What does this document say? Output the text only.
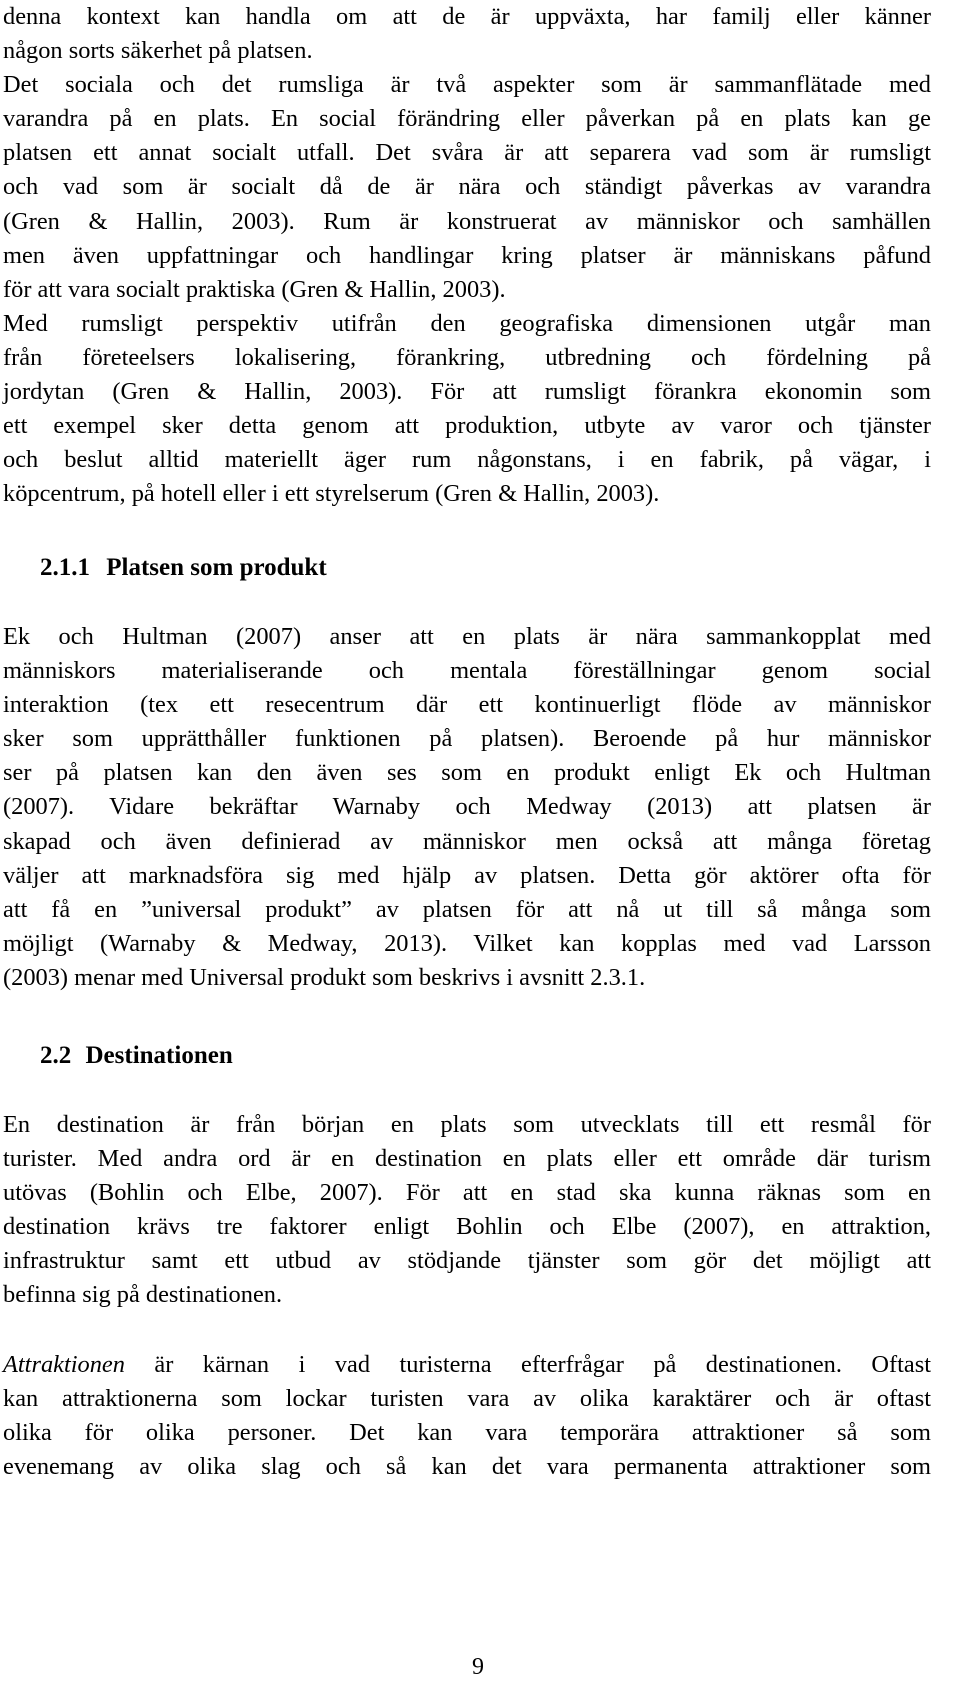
denna kontext kan handla om att de är uppväxta, har familj eller känner
någon sorts säkerhet på platsen.
Det sociala och det rumsliga är två aspekter som är sammanflätade med
varandra på en plats. En social förändring eller påverkan på en plats kan ge
platsen ett annat socialt utfall. Det svåra är att separera vad som är rumsligt
och vad som är socialt då de är nära och ständigt påverkas av varandra
(Gren & Hallin, 2003). Rum är konstruerat av människor och samhällen
men även uppfattningar och handlingar kring platser är människans påfund
för att vara socialt praktiska (Gren & Hallin, 2003).
Med rumsligt perspektiv utifrån den geografiska dimensionen utgår man
från företeelsers lokalisering, förankring, utbredning och fördelning på
jordytan (Gren & Hallin, 2003). För att rumsligt förankra ekonomin som
ett exempel sker detta genom att produktion, utbyte av varor och tjänster
och beslut alltid materiellt äger rum någonstans, i en fabrik, på vägar, i
köpcentrum, på hotell eller i ett styrelserum (Gren & Hallin, 2003).

2.1.1 Platsen som produkt

Ek och Hultman (2007) anser att en plats är nära sammankopplat med
människors materialiserande och mentala föreställningar genom social
interaktion (tex ett resecentrum där ett kontinuerligt flöde av människor
sker som upprätthåller funktionen på platsen). Beroende på hur människor
ser på platsen kan den även ses som en produkt enligt Ek och Hultman
(2007). Vidare bekräftar Warnaby och Medway (2013) att platsen är
skapad och även definierad av människor men också att många företag
väljer att marknadsföra sig med hjälp av platsen. Detta gör aktörer ofta för
att få en ”universal produkt” av platsen för att nå ut till så många som
möjligt (Warnaby & Medway, 2013). Vilket kan kopplas med vad Larsson
(2003) menar med Universal produkt som beskrivs i avsnitt 2.3.1.

2.2 Destinationen

En destination är från början en plats som utvecklats till ett resmål för
turister. Med andra ord är en destination en plats eller ett område där turism
utövas (Bohlin och Elbe, 2007). För att en stad ska kunna räknas som en
destination krävs tre faktorer enligt Bohlin och Elbe (2007), en attraktion,
infrastruktur samt ett utbud av stödjande tjänster som gör det möjligt att
befinna sig på destinationen.

Attraktionen är kärnan i vad turisterna efterfrågar på destinationen. Oftast
kan attraktionerna som lockar turisten vara av olika karaktärer och är oftast
olika för olika personer. Det kan vara temporära attraktioner så som
evenemang av olika slag och så kan det vara permanenta attraktioner som

9
